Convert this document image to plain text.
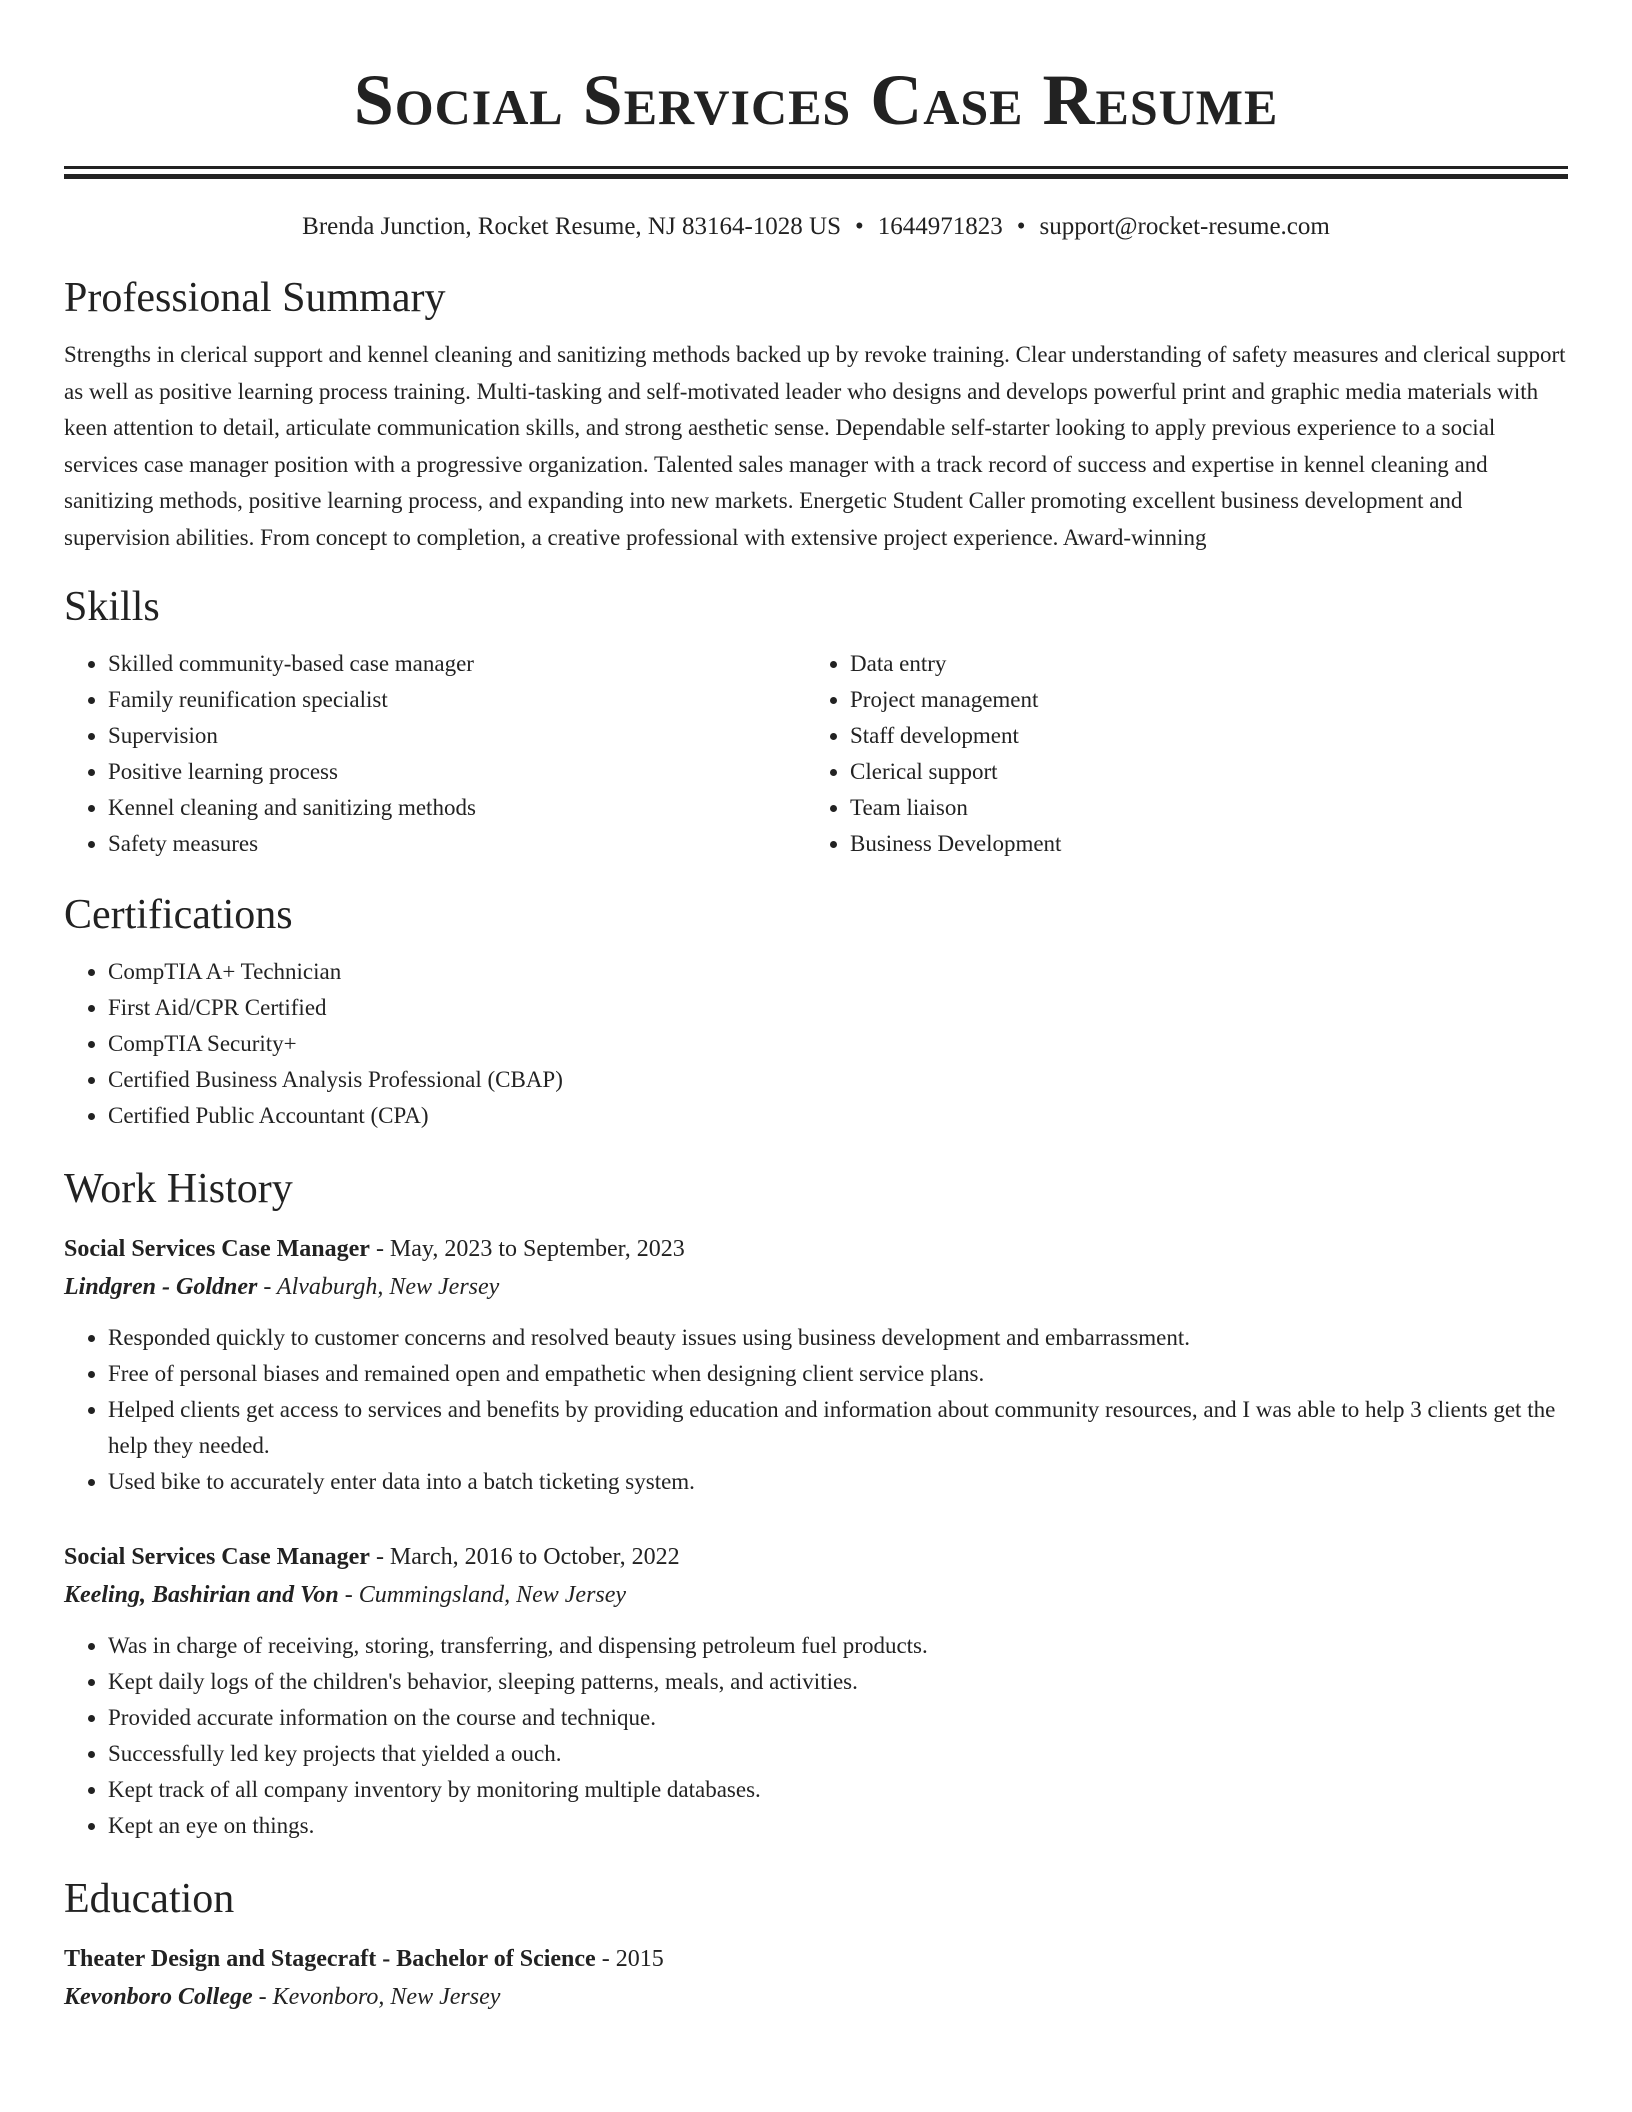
Social Services Case Resume
Brenda Junction, Rocket Resume, NJ 83164-1028 US • 1644971823 • support@rocket-resume.com
Professional Summary

Strengths in clerical support and kennel cleaning and sanitizing methods backed up by revoke training. Clear understanding of safety measures and clerical support as well as positive learning process training. Multi-tasking and self-motivated leader who designs and develops powerful print and graphic media materials with keen attention to detail, articulate communication skills, and strong aesthetic sense. Dependable self-starter looking to apply previous experience to a social services case manager position with a progressive organization. Talented sales manager with a track record of success and expertise in kennel cleaning and sanitizing methods, positive learning process, and expanding into new markets. Energetic Student Caller promoting excellent business development and supervision abilities. From concept to completion, a creative professional with extensive project experience. Award-winning

Skills
• Skilled community-based case manager
• Family reunification specialist
• Supervision
• Positive learning process
• Kennel cleaning and sanitizing methods
• Safety measures
• Data entry
• Project management
• Staff development
• Clerical support
• Team liaison
• Business Development
Certifications
• CompTIA A+ Technician
• First Aid/CPR Certified
• CompTIA Security+
• Certified Business Analysis Professional (CBAP)
• Certified Public Accountant (CPA)
Work History
Social Services Case Manager - May, 2023 to September, 2023
Lindgren - Goldner - Alvaburgh, New Jersey
• Responded quickly to customer concerns and resolved beauty issues using business development and embarrassment.
• Free of personal biases and remained open and empathetic when designing client service plans.
• Helped clients get access to services and benefits by providing education and information about community resources, and I was able to help 3 clients get the help they needed.
• Used bike to accurately enter data into a batch ticketing system.
Social Services Case Manager - March, 2016 to October, 2022
Keeling, Bashirian and Von - Cummingsland, New Jersey
• Was in charge of receiving, storing, transferring, and dispensing petroleum fuel products.
• Kept daily logs of the children's behavior, sleeping patterns, meals, and activities.
• Provided accurate information on the course and technique.
• Successfully led key projects that yielded a ouch.
• Kept track of all company inventory by monitoring multiple databases.
• Kept an eye on things.
Education
Theater Design and Stagecraft - Bachelor of Science - 2015
Kevonboro College - Kevonboro, New Jersey
